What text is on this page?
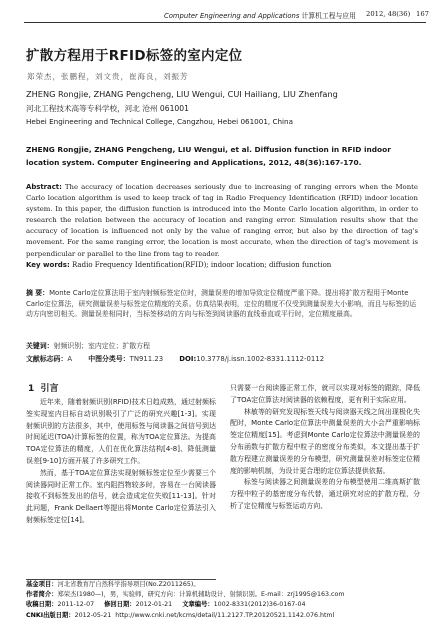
Computer Engineering and Applications 计算机工程与应用 2012, 48(36) 167
扩散方程用于RFID标签的室内定位
郑荣杰，张鹏程，刘文贵，崔海良，刘振芳
ZHENG Rongjie, ZHANG Pengcheng, LIU Wengui, CUI Hailiang, LIU Zhenfang
河北工程技术高等专科学校，河北 沧州 061001
Hebei Engineering and Technical College, Cangzhou, Hebei 061001, China
ZHENG Rongjie, ZHANG Pengcheng, LIU Wengui, et al. Diffusion function in RFID indoor location system. Computer Engineering and Applications, 2012, 48(36):167-170.
Abstract: The accuracy of location decreases seriously due to increasing of ranging errors when the Monte Carlo location algorithm is used to keep track of tag in Radio Frequency Identification (RFID) indoor location system. In this paper, the diffusion function is introduced into the Monte Carlo location algorithm, in order to research the relation between the accuracy of location and ranging error. Simulation results show that the accuracy of location is influenced not only by the value of ranging error, but also by the direction of tag's movement. For the same ranging error, the location is most accurate, when the direction of tag's movement is perpendicular or parallel to the line from tag to reader.
Key words: Radio Frequency Identification(RFID); indoor location; diffusion function
摘 要：Monte Carlo定位算法用于室内射频标签定位时，测量误差的增加导致定位精度严重下降。提出将扩散方程用于Monte Carlo定位算法，研究测量误差与标签定位精度的关系。仿真结果表明，定位的精度不仅受到测量误差大小影响，而且与标签的运动方向密切相关。测量误差相同时，当标签移动的方向与标签到阅读器的直线垂直或平行时，定位精度最高。
关键词：射频识别；室内定位；扩散方程
文献标志码：A 中图分类号：TN911.23 DOI:10.3778/j.issn.1002-8331.1112-0112
1 引言

近年来，随着射频识别(RFID)技术日趋成熟，通过射频标签实现室内目标自动识别吸引了广泛的研究兴趣[1-3]。实现射频识别的方法很多，其中，使用标签与阅读器之间信号到达时间延迟(TOA)计算标签的位置，称为TOA定位算法。为提高TOA定位算法的精度，人们在优化算法结构[4-8]、降低测量误差[9-10]方面开展了许多研究工作。

然而，基于TOA定位算法实现射频标签定位至少需要三个阅读器同时正常工作。室内阻挡物较多时，容易在一台阅读器接收不到标签发出的信号，就会造成定位失败[11-13]。针对此问题，Frank Dellaert等提出将Monte Carlo定位算法引入射频标签定位[14]。

只需要一台阅读器正常工作，就可以实现对标签的跟踪，降低了TOA定位算法对阅读器的依赖程度，更有利于实际应用。

林敏等的研究发现标签天线与阅读器天线之间出现极化失配时，Monte Carlo定位算法中测量误差的大小会严重影响标签定位精度[15]。考虑到Monte Carlo定位算法中测量误差的分布函数与扩散方程中粒子的密度分布类似，本文提出基于扩散方程建立测量误差的分布模型，研究测量误差对标签定位精度的影响机制，为设计更合理的定位算法提供依据。

标签与阅读器之间测量误差的分布模型使用二维高斯扩散方程中粒子的基密度分布代替，通过研究对应的扩散方程，分析了定位精度与标签运动方向、

基金项目：河北省教育厅自然科学指导项目(No.Z2011265)。
作者简介：郑荣杰(1980—)，男，实验师，研究方向：计算机辅助设计、射频识别。E-mail：zrj1995@163.com
收稿日期：2011-12-07 修回日期：2012-01-21 文章编号：1002-8331(2012)36-0167-04
CNKI出版日期：2012-05-21 http://www.cnki.net/kcms/detail/11.2127.TP.20120521.1142.076.html
